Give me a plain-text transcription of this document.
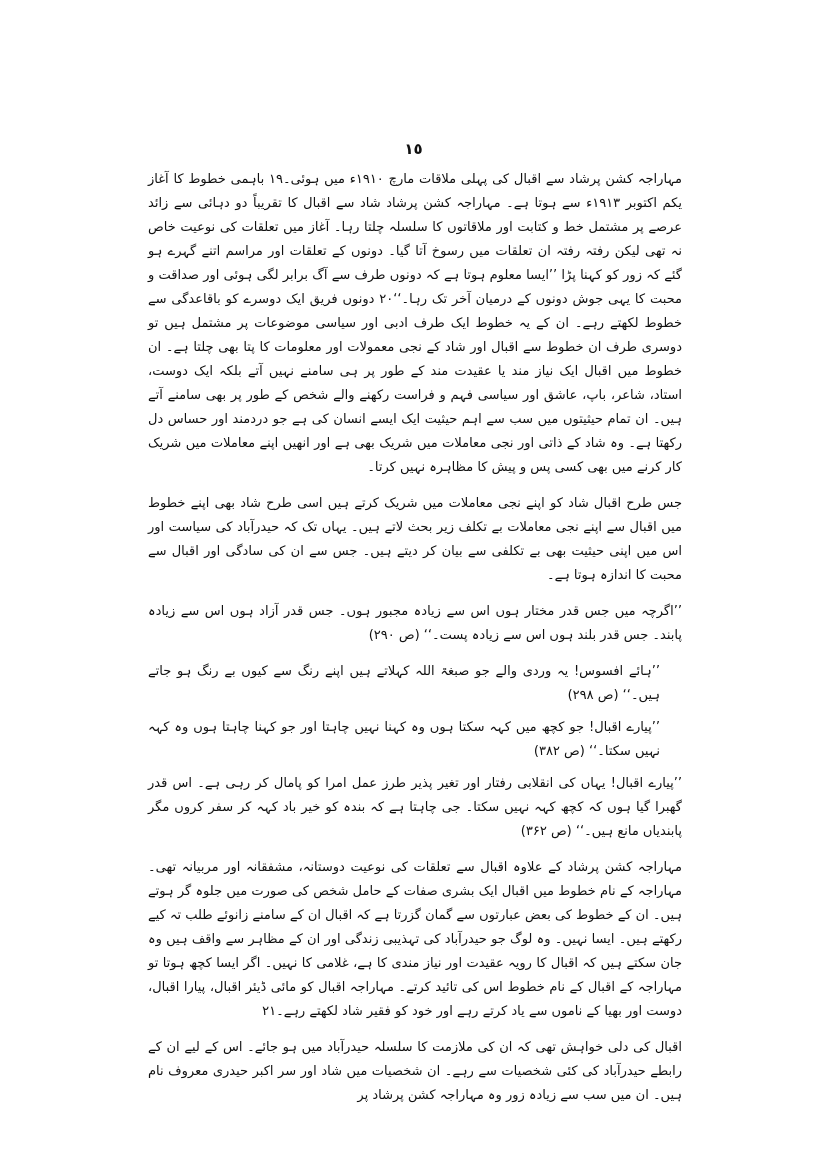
١٥

مہاراجہ کشن پرشاد سے اقبال کی پہلی ملاقات مارچ ۱۹۱۰ء میں ہوئی۔۱۹ باہمی خطوط کا آغاز یکم اکتوبر ۱۹۱۳ء سے ہوتا ہے۔ مہاراجہ کشن پرشاد شاد سے اقبال کا تقریباً دو دہائی سے زائد عرصے پر مشتمل خط و کتابت اور ملاقاتوں کا سلسلہ چلتا رہا۔ آغاز میں تعلقات کی نوعیت خاص نہ تھی لیکن رفتہ رفتہ ان تعلقات میں رسوخ آتا گیا۔ دونوں کے تعلقات اور مراسم اتنے گہرے ہو گئے کہ زور کو کہنا پڑا ’’ایسا معلوم ہوتا ہے کہ دونوں طرف سے آگ برابر لگی ہوئی اور صداقت و محبت کا یہی جوش دونوں کے درمیان آخر تک رہا۔‘‘۲۰ دونوں فریق ایک دوسرے کو باقاعدگی سے خطوط لکھتے رہے۔ ان کے یہ خطوط ایک طرف ادبی اور سیاسی موضوعات پر مشتمل ہیں تو دوسری طرف ان خطوط سے اقبال اور شاد کے نجی معمولات اور معلومات کا پتا بھی چلتا ہے۔ ان خطوط میں اقبال ایک نیاز مند یا عقیدت مند کے طور پر ہی سامنے نہیں آتے بلکہ ایک دوست، استاد، شاعر، باپ، عاشق اور سیاسی فہم و فراست رکھنے والے شخص کے طور پر بھی سامنے آتے ہیں۔ ان تمام حیثیتوں میں سب سے اہم حیثیت ایک ایسے انسان کی ہے جو دردمند اور حساس دل رکھتا ہے۔ وہ شاد کے ذاتی اور نجی معاملات میں شریک بھی ہے اور انھیں اپنے معاملات میں شریک کار کرنے میں بھی کسی پس و پیش کا مظاہرہ نہیں کرتا۔

جس طرح اقبال شاد کو اپنے نجی معاملات میں شریک کرتے ہیں اسی طرح شاد بھی اپنے خطوط میں اقبال سے اپنے نجی معاملات بے تکلف زیر بحث لاتے ہیں۔ یہاں تک کہ حیدرآباد کی سیاست اور اس میں اپنی حیثیت بھی بے تکلفی سے بیان کر دیتے ہیں۔ جس سے ان کی سادگی اور اقبال سے محبت کا اندازہ ہوتا ہے۔

’’اگرچہ میں جس قدر مختار ہوں اس سے زیادہ مجبور ہوں۔ جس قدر آزاد ہوں اس سے زیادہ پابند۔ جس قدر بلند ہوں اس سے زیادہ پست۔‘‘ (ص ۲۹۰)

’’ہائے افسوس! یہ وردی والے جو صبغۃ اللہ کہلاتے ہیں اپنے رنگ سے کیوں بے رنگ ہو جاتے ہیں۔‘‘ (ص ۲۹۸)

’’پیارے اقبال! جو کچھ میں کہہ سکتا ہوں وہ کہنا نہیں چاہتا اور جو کہنا چاہتا ہوں وہ کہہ نہیں سکتا۔‘‘ (ص ۳۸۲)

’’پیارے اقبال! یہاں کی انقلابی رفتار اور تغیر پذیر طرز عمل امرا کو پامال کر رہی ہے۔ اس قدر گھبرا گیا ہوں کہ کچھ کہہ نہیں سکتا۔ جی چاہتا ہے کہ بندہ کو خیر باد کہہ کر سفر کروں مگر پابندیاں مانع ہیں۔‘‘ (ص ۳۶۲)

مہاراجہ کشن پرشاد کے علاوہ اقبال سے تعلقات کی نوعیت دوستانہ، مشفقانہ اور مربیانہ تھی۔ مہاراجہ کے نام خطوط میں اقبال ایک بشری صفات کے حامل شخص کی صورت میں جلوہ گر ہوتے ہیں۔ ان کے خطوط کی بعض عبارتوں سے گمان گزرتا ہے کہ اقبال ان کے سامنے زانوئے طلب تہ کیے رکھتے ہیں۔ ایسا نہیں۔ وہ لوگ جو حیدرآباد کی تہذیبی زندگی اور ان کے مظاہر سے واقف ہیں وہ جان سکتے ہیں کہ اقبال کا رویہ عقیدت اور نیاز مندی کا ہے، غلامی کا نہیں۔ اگر ایسا کچھ ہوتا تو مہاراجہ کے اقبال کے نام خطوط اس کی تائید کرتے۔ مہاراجہ اقبال کو مائی ڈیئر اقبال، پیارا اقبال، دوست اور بھیا کے ناموں سے یاد کرتے رہے اور خود کو فقیر شاد لکھتے رہے۔۲۱

اقبال کی دلی خواہش تھی کہ ان کی ملازمت کا سلسلہ حیدرآباد میں ہو جائے۔ اس کے لیے ان کے رابطے حیدرآباد کی کئی شخصیات سے رہے۔ ان شخصیات میں شاد اور سر اکبر حیدری معروف نام ہیں۔ ان میں سب سے زیادہ زور وہ مہاراجہ کشن پرشاد پر
